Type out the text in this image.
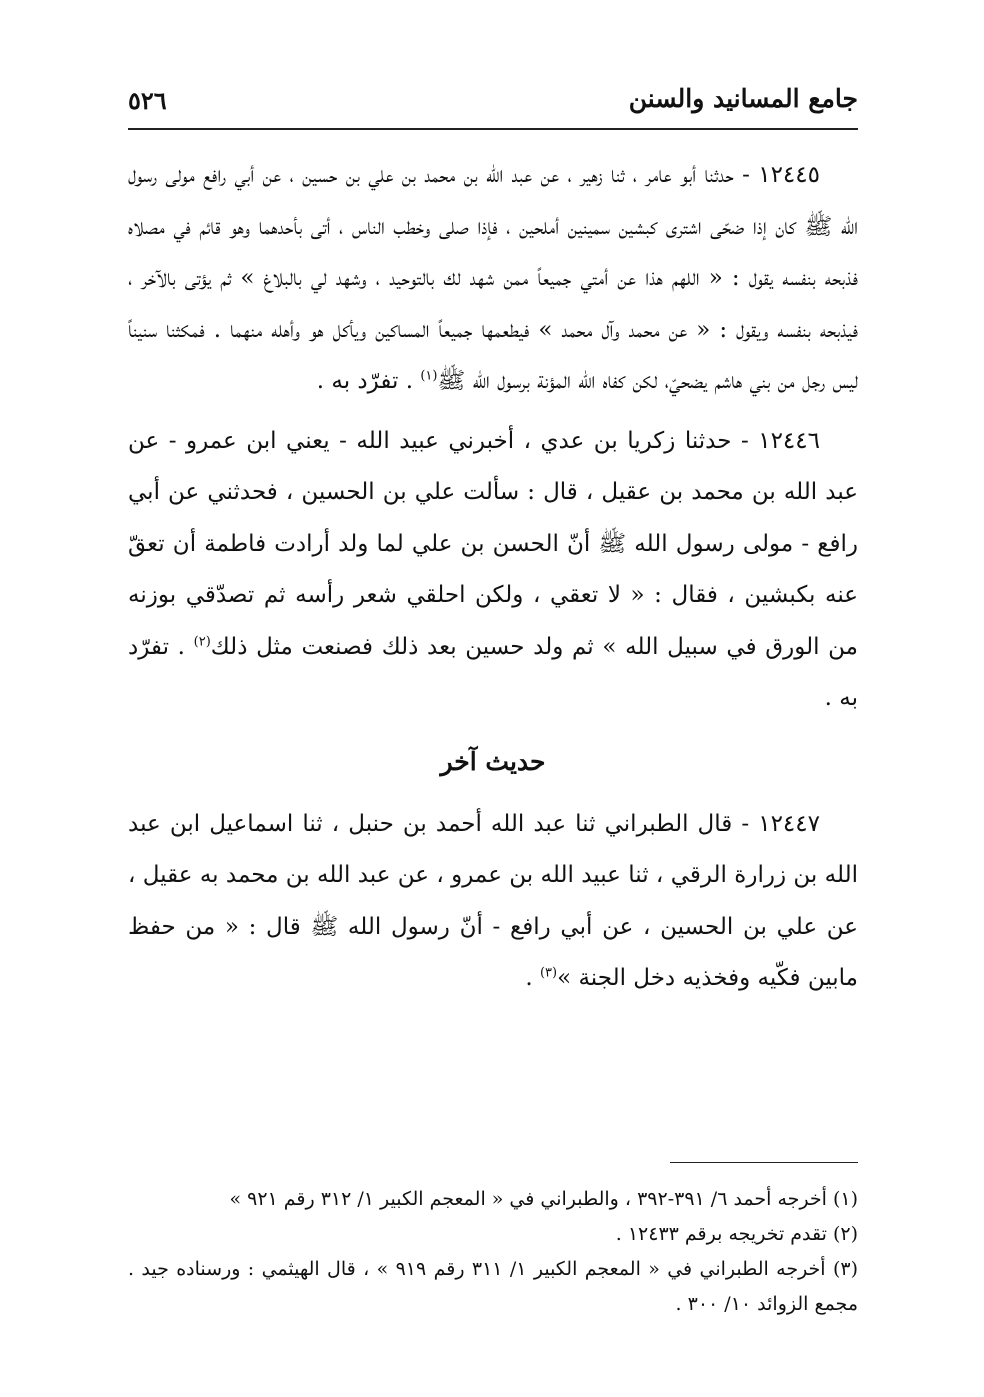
جامع المسانيد والسنن
٥٢٦

١٢٤٤٥ - حدثنا أبو عامر ، ثنا زهير ، عن عبد الله بن محمد بن علي بن حسين ، عن أبي رافع مولى رسول الله ﷺ كان إذا ضحّى اشترى كبشين سمينين أملحين ، فإذا صلى وخطب الناس ، أتى بأحدهما وهو قائم في مصلاه فذبحه بنفسه يقول : « اللهم هذا عن أمتي جميعاً ممن شهد لك بالتوحيد ، وشهد لي بالبلاغ » ثم يؤتى بالآخر ، فيذبحه بنفسه ويقول : « عن محمد وآل محمد » فيطعمها جميعاً المساكين ويأكل هو وأهله منهما . فمكثنا سنيناً ليس رجل من بني هاشم يضحيّ، لكن كفاه الله المؤنة برسول الله ﷺ$^{(١)}$ . تفرّد به .

١٢٤٤٦ - حدثنا زكريا بن عدي ، أخبرني عبيد الله - يعني ابن عمرو - عن عبد الله بن محمد بن عقيل ، قال : سألت علي بن الحسين ، فحدثني عن أبي رافع - مولى رسول الله ﷺ أنّ الحسن بن علي لما ولد أرادت فاطمة أن تعقّ عنه بكبشين ، فقال : « لا تعقي ، ولكن احلقي شعر رأسه ثم تصدّقي بوزنه من الورق في سبيل الله » ثم ولد حسين بعد ذلك فصنعت مثل ذلك$^{(٢)}$ . تفرّد به .

حديث آخر

١٢٤٤٧ - قال الطبراني ثنا عبد الله أحمد بن حنبل ، ثنا اسماعيل ابن عبد الله بن زرارة الرقي ، ثنا عبيد الله بن عمرو ، عن عبد الله بن محمد به عقيل ، عن علي بن الحسين ، عن أبي رافع - أنّ رسول الله ﷺ قال : « من حفظ مابين فكّيه وفخذيه دخل الجنة »$^{(٣)}$ .

(١) أخرجه أحمد ٦/ ٣٩١-٣٩٢ ، والطبراني في « المعجم الكبير ١/ ٣١٢ رقم ٩٢١ »

(٢) تقدم تخريجه برقم ١٢٤٣٣ .

(٣) أخرجه الطبراني في « المعجم الكبير ١/ ٣١١ رقم ٩١٩ » ، قال الهيثمي : ورسناده جيد . مجمع الزوائد ١٠/ ٣٠٠ .
